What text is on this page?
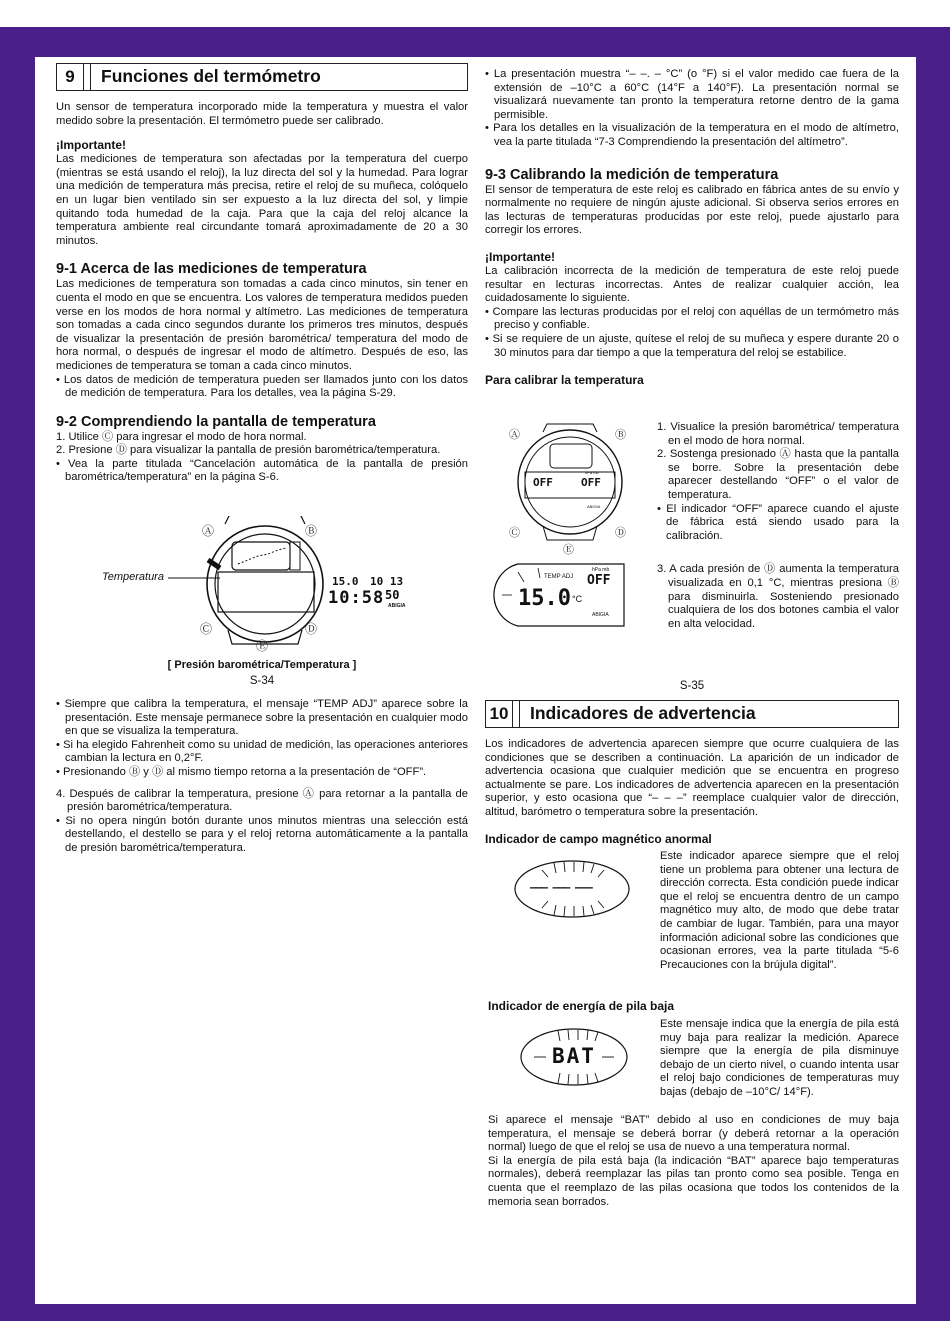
9	Funciones del termómetro

Un sensor de temperatura incorporado mide la temperatura y muestra el valor medido sobre la presentación. El termómetro puede ser calibrado.

¡Importante!

Las mediciones de temperatura son afectadas por la temperatura del cuerpo (mientras se está usando el reloj), la luz directa del sol y la humedad. Para lograr una medición de temperatura más precisa, retire el reloj de su muñeca, colóquelo en un lugar bien ventilado sin ser expuesto a la luz directa del sol, y limpie quitando toda humedad de la caja. Para que la caja del reloj alcance la temperatura ambiente real circundante tomará aproximadamente de 20 a 30 minutos.

9-1 Acerca de las mediciones de temperatura

Las mediciones de temperatura son tomadas a cada cinco minutos, sin tener en cuenta el modo en que se encuentra. Los valores de temperatura medidos pueden verse en los modos de hora normal y altímetro. Las mediciones de temperatura son tomadas a cada cinco segundos durante los primeros tres minutos, después de visualizar la presentación de presión barométrica/ temperatura del modo de hora normal, o después de ingresar el modo de altímetro. Después de eso, las mediciones de temperatura se toman a cada cinco minutos.

• Los datos de medición de temperatura pueden ser llamados junto con los datos de medición de temperatura. Para los detalles, vea la página S-29.

9-2 Comprendiendo la pantalla de temperatura

1. Utilice Ⓒ para ingresar el modo de hora normal.

2. Presione Ⓓ para visualizar la pantalla de presión barométrica/temperatura.

• Vea la parte titulada “Cancelación automática de la pantalla de presión barométrica/temperatura” en la página S-6.

Temperatura	15.0 10 13
10:58 50
ABIGIA
Ⓐ	Ⓑ
Ⓒ	Ⓓ
Ⓔ
[ Presión barométrica/Temperatura ]
S-34

• Siempre que calibra la temperatura, el mensaje “TEMP ADJ” aparece sobre la presentación. Este mensaje permanece sobre la presentación en cualquier modo en que se visualiza la temperatura.

• Si ha elegido Fahrenheit como su unidad de medición, las operaciones anteriores cambian la lectura en 0,2°F.

• Presionando Ⓑ y Ⓓ al mismo tiempo retorna a la presentación de “OFF”.

4. Después de calibrar la temperatura, presione Ⓐ para retornar a la pantalla de presión barométrica/temperatura.

• Si no opera ningún botón durante unos minutos mientras una selección está destellando, el destello se para y el reloj retorna automáticamente a la pantalla de presión barométrica/temperatura.

• La presentación muestra “– –. – °C” (o °F) si el valor medido cae fuera de la extensión de –10°C a 60°C (14°F a 140°F). La presentación normal se visualizará nuevamente tan pronto la temperatura retorne dentro de la gama permisible.

• Para los detalles en la visualización de la temperatura en el modo de altímetro, vea la parte titulada “7-3 Comprendiendo la presentación del altímetro”.

9-3 Calibrando la medición de temperatura

El sensor de temperatura de este reloj es calibrado en fábrica antes de su envío y normalmente no requiere de ningún ajuste adicional. Si observa serios errores en las lecturas de temperaturas producidas por este reloj, puede ajustarlo para corregir los errores.

¡Importante!

La calibración incorrecta de la medición de temperatura de este reloj puede resultar en lecturas incorrectas. Antes de realizar cualquier acción, lea cuidadosamente lo siguiente.

• Compare las lecturas producidas por el reloj con aquéllas de un termómetro más preciso y confiable.

• Si se requiere de un ajuste, quítese el reloj de su muñeca y espere durante 20 o 30 minutos para dar tiempo a que la temperatura del reloj se estabilice.

Para calibrar la temperatura
OFF	OFF
hPa mb
ABIGIA
Ⓐ	Ⓑ
Ⓒ	Ⓓ
Ⓔ
TEMP ADJ
hPa mb
OFF
15.0 °C
ABIGIA

1. Visualice la presión barométrica/ temperatura en el modo de hora normal.

2. Sostenga presionado Ⓐ hasta que la pantalla se borre. Sobre la presentación debe aparecer destellando “OFF” o el valor de temperatura.

• El indicador “OFF” aparece cuando el ajuste de fábrica está siendo usado para la calibración.

3. A cada presión de Ⓓ aumenta la temperatura visualizada en 0,1 °C, mientras presiona Ⓑ para disminuirla. Sosteniendo presionado cualquiera de los dos botones cambia el valor en alta velocidad.

S-35
10	Indicadores de advertencia

Los indicadores de advertencia aparecen siempre que ocurre cualquiera de las condiciones que se describen a continuación. La aparición de un indicador de advertencia ocasiona que cualquier medición que se encuentra en progreso actualmente se pare. Los indicadores de advertencia aparecen en la presentación superior, y esto ocasiona que “– – –” reemplace cualquier valor de dirección, altitud, barómetro o temperatura sobre la presentación.

Indicador de campo magnético anormal
––– ––– –––
Este indicador aparece siempre que el reloj tiene un problema para obtener una lectura de dirección correcta. Esta condición puede indicar que el reloj se encuentra dentro de un campo magnético muy alto, de modo que debe tratar de cambiar de lugar. También, para una mayor información adicional sobre las condiciones que ocasionan errores, vea la parte titulada “5-6 Precauciones con la brújula digital”.
Indicador de energía de pila baja
BAT
Este mensaje indica que la energía de pila está muy baja para realizar la medición. Aparece siempre que la energía de pila disminuye debajo de un cierto nivel, o cuando intenta usar el reloj bajo condiciones de temperaturas muy bajas (debajo de –10°C/ 14°F).

Si aparece el mensaje “BAT” debido al uso en condiciones de muy baja temperatura, el mensaje se deberá borrar (y deberá retornar a la operación normal) luego de que el reloj se usa de nuevo a una temperatura normal.

Si la energía de pila está baja (la indicación “BAT” aparece bajo temperaturas normales), deberá reemplazar las pilas tan pronto como sea posible. Tenga en cuenta que el reemplazo de las pilas ocasiona que todos los contenidos de la memoria sean borrados.
